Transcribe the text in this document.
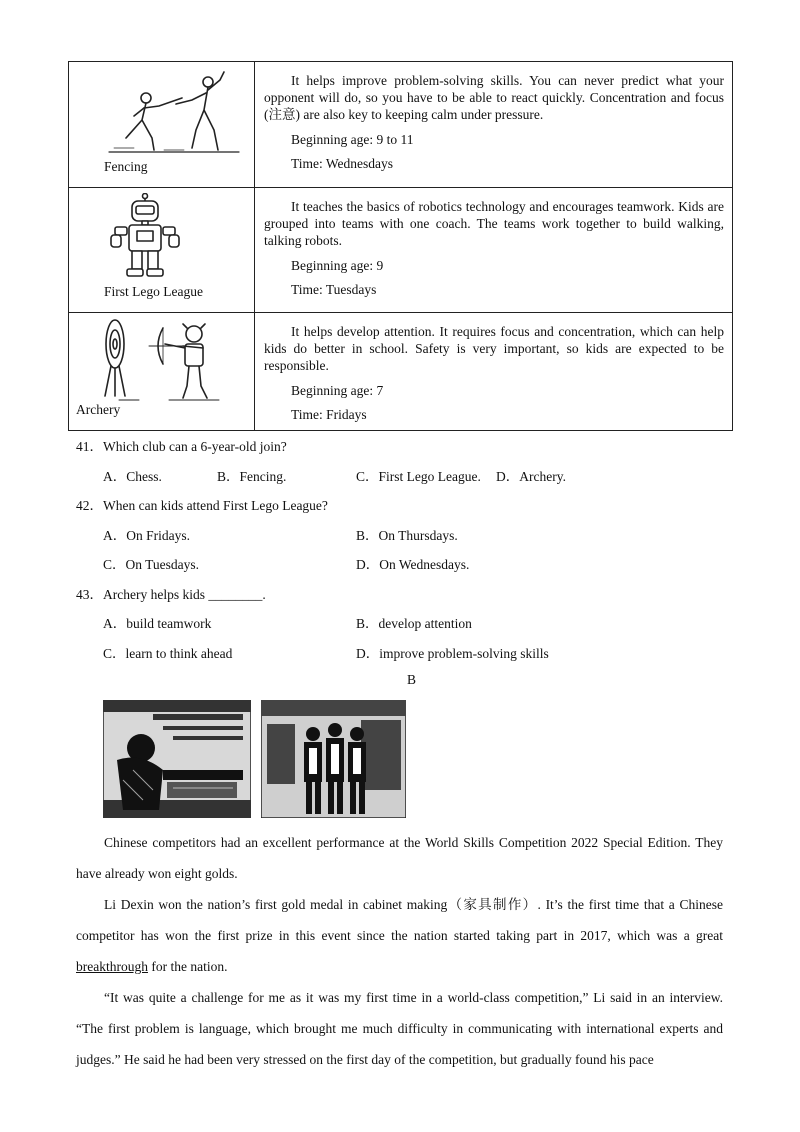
Fencing	It helps improve problem-solving skills. You can never predict what your opponent will do, so you have to be able to react quickly. Concentration and focus (注意) are also key to keeping calm under pressure.

Beginning age: 9 to 11
Time: Wednesdays

First Lego League	It teaches the basics of robotics technology and encourages teamwork. Kids are grouped into teams with one coach. The teams work together to build walking, talking robots.

Beginning age: 9
Time: Tuesdays

Archery	It helps develop attention. It requires focus and concentration, which can help kids do better in school. Safety is very important, so kids are expected to be responsible.

Beginning age: 7
Time: Fridays
41．Which club can a 6-year-old join?
A．Chess.	B．Fencing.	C．First Lego League. D．Archery.
42．When can kids attend First Lego League?
A．On Fridays.	B．On Thursdays.
C．On Tuesdays.	D．On Wednesdays.
43．Archery helps kids ________.
A．build teamwork	B．develop attention
C．learn to think ahead	D．improve problem-solving skills
B

Chinese competitors had an excellent performance at the World Skills Competition 2022 Special Edition. They have already won eight golds.

Li Dexin won the nation’s first gold medal in cabinet making（家具制作）. It’s the first time that a Chinese competitor has won the first prize in this event since the nation started taking part in 2017, which was a great breakthrough for the nation.

“It was quite a challenge for me as it was my first time in a world-class competition,” Li said in an interview. “The first problem is language, which brought me much difficulty in communicating with international experts and judges.” He said he had been very stressed on the first day of the competition, but gradually found his pace
